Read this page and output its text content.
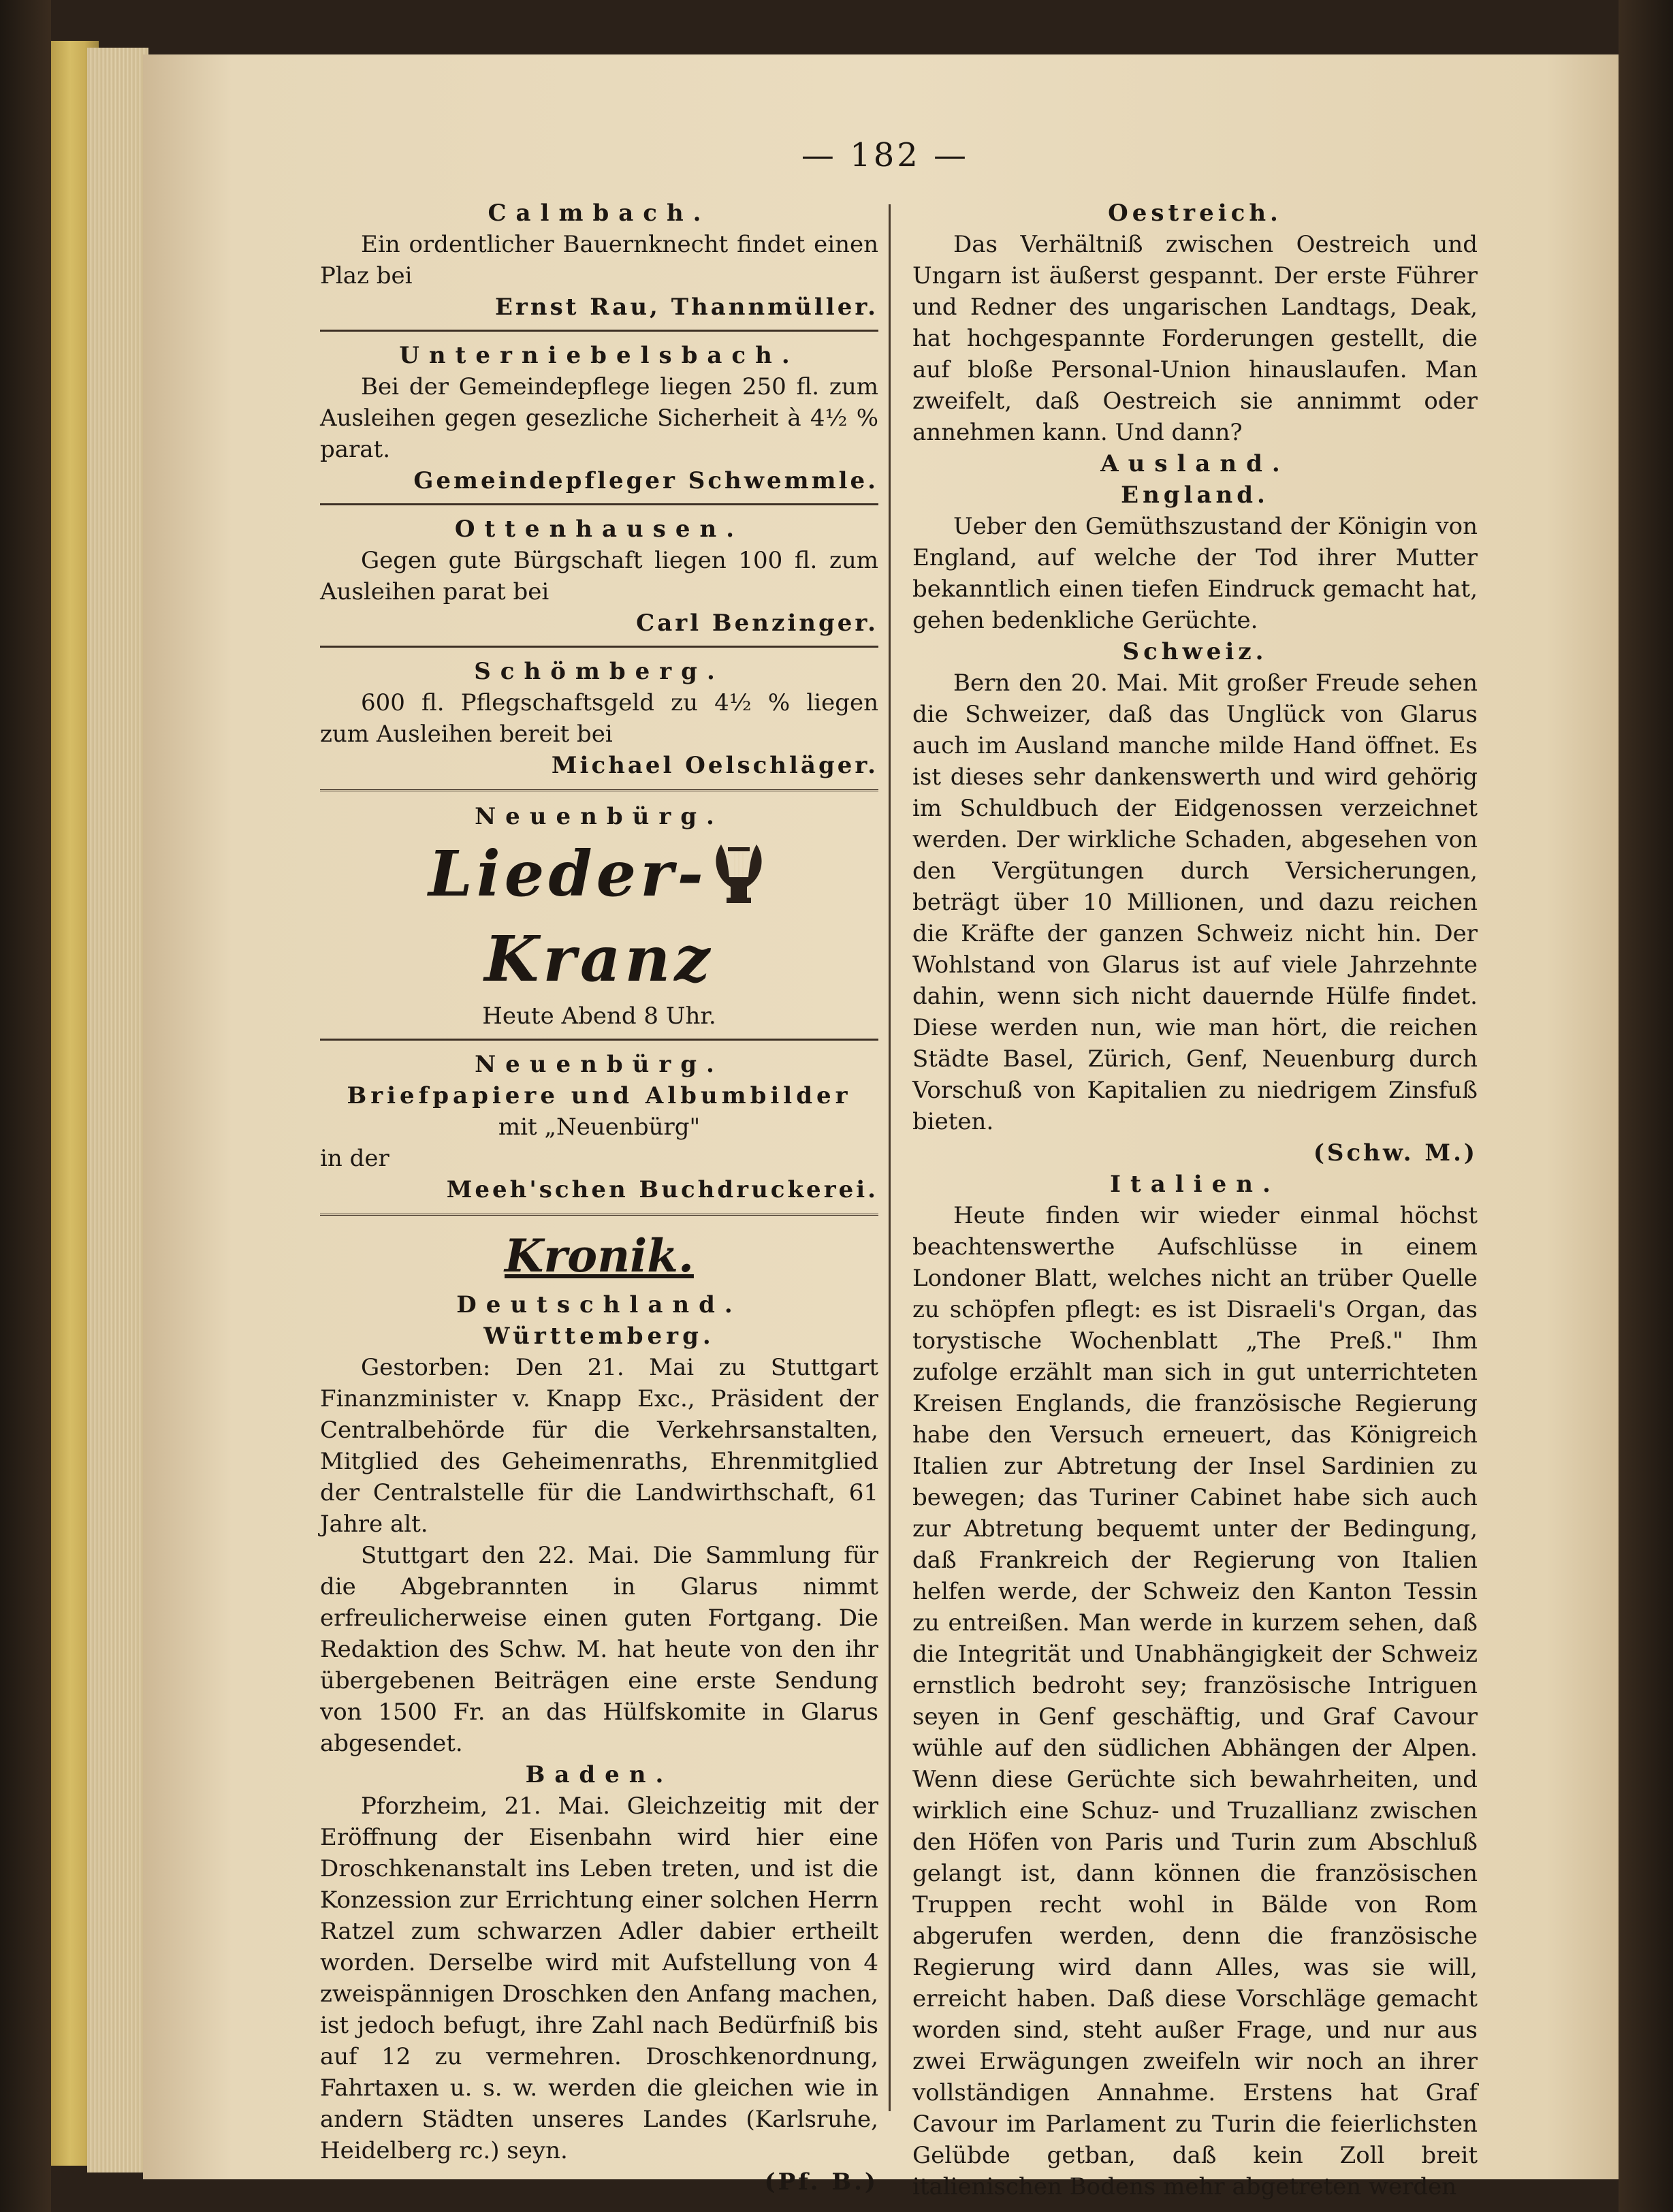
— 182 —
Calmbach.

Ein ordentlicher Bauernknecht findet einen Plaz bei

Ernst Rau, Thannmüller.
Unterniebelsbach.

Bei der Gemeindepflege liegen 250 fl. zum Ausleihen gegen gesezliche Sicherheit à 4½ % parat.

Gemeindepfleger Schwemmle.
Ottenhausen.

Gegen gute Bürgschaft liegen 100 fl. zum Ausleihen parat bei

Carl Benzinger.
Schömberg.

600 fl. Pflegschaftsgeld zu 4½ % liegen zum Ausleihen bereit bei

Michael Oelschläger.
Neuenbürg.
Lieder-Kranz
Heute Abend 8 Uhr.
Neuenbürg.
Briefpapiere und Albumbilder
mit „Neuenbürg"
in der
Meeh'schen Buchdruckerei.
Kronik.
Deutschland.
Württemberg.

Gestorben: Den 21. Mai zu Stuttgart Finanzminister v. Knapp Exc., Präsident der Centralbehörde für die Verkehrsanstalten, Mitglied des Geheimenraths, Ehrenmitglied der Centralstelle für die Landwirthschaft, 61 Jahre alt.

Stuttgart den 22. Mai. Die Sammlung für die Abgebrannten in Glarus nimmt erfreulicherweise einen guten Fortgang. Die Redaktion des Schw. M. hat heute von den ihr übergebenen Beiträgen eine erste Sendung von 1500 Fr. an das Hülfskomite in Glarus abgesendet.

Baden.

Pforzheim, 21. Mai. Gleichzeitig mit der Eröffnung der Eisenbahn wird hier eine Droschkenanstalt ins Leben treten, und ist die Konzession zur Errichtung einer solchen Herrn Ratzel zum schwarzen Adler dabier ertheilt worden. Derselbe wird mit Aufstellung von 4 zweispännigen Droschken den Anfang machen, ist jedoch befugt, ihre Zahl nach Bedürfniß bis auf 12 zu vermehren. Droschkenordnung, Fahrtaxen u. s. w. werden die gleichen wie in andern Städten unseres Landes (Karlsruhe, Heidelberg rc.) seyn.

(Pf. B.)
Oestreich.

Das Verhältniß zwischen Oestreich und Ungarn ist äußerst gespannt. Der erste Führer und Redner des ungarischen Landtags, Deak, hat hochgespannte Forderungen gestellt, die auf bloße Personal-Union hinauslaufen. Man zweifelt, daß Oestreich sie annimmt oder annehmen kann. Und dann?

Ausland.
England.

Ueber den Gemüthszustand der Königin von England, auf welche der Tod ihrer Mutter bekanntlich einen tiefen Eindruck gemacht hat, gehen bedenkliche Gerüchte.

Schweiz.

Bern den 20. Mai. Mit großer Freude sehen die Schweizer, daß das Unglück von Glarus auch im Ausland manche milde Hand öffnet. Es ist dieses sehr dankenswerth und wird gehörig im Schuldbuch der Eidgenossen verzeichnet werden. Der wirkliche Schaden, abgesehen von den Vergütungen durch Versicherungen, beträgt über 10 Millionen, und dazu reichen die Kräfte der ganzen Schweiz nicht hin. Der Wohlstand von Glarus ist auf viele Jahrzehnte dahin, wenn sich nicht dauernde Hülfe findet. Diese werden nun, wie man hört, die reichen Städte Basel, Zürich, Genf, Neuenburg durch Vorschuß von Kapitalien zu niedrigem Zinsfuß bieten.

(Schw. M.)
Italien.

Heute finden wir wieder einmal höchst beachtenswerthe Aufschlüsse in einem Londoner Blatt, welches nicht an trüber Quelle zu schöpfen pflegt: es ist Disraeli's Organ, das torystische Wochenblatt „The Preß." Ihm zufolge erzählt man sich in gut unterrichteten Kreisen Englands, die französische Regierung habe den Versuch erneuert, das Königreich Italien zur Abtretung der Insel Sardinien zu bewegen; das Turiner Cabinet habe sich auch zur Abtretung bequemt unter der Bedingung, daß Frankreich der Regierung von Italien helfen werde, der Schweiz den Kanton Tessin zu entreißen. Man werde in kurzem sehen, daß die Integrität und Unabhängigkeit der Schweiz ernstlich bedroht sey; französische Intriguen seyen in Genf geschäftig, und Graf Cavour wühle auf den südlichen Abhängen der Alpen. Wenn diese Gerüchte sich bewahrheiten, und wirklich eine Schuz- und Truzallianz zwischen den Höfen von Paris und Turin zum Abschluß gelangt ist, dann können die französischen Truppen recht wohl in Bälde von Rom abgerufen werden, denn die französische Regierung wird dann Alles, was sie will, erreicht haben. Daß diese Vorschläge gemacht worden sind, steht außer Frage, und nur aus zwei Erwägungen zweifeln wir noch an ihrer vollständigen Annahme. Erstens hat Graf Cavour im Parlament zu Turin die feierlichsten Gelübde getban, daß kein Zoll breit italienischen Bodens mehr abgetreten werden
